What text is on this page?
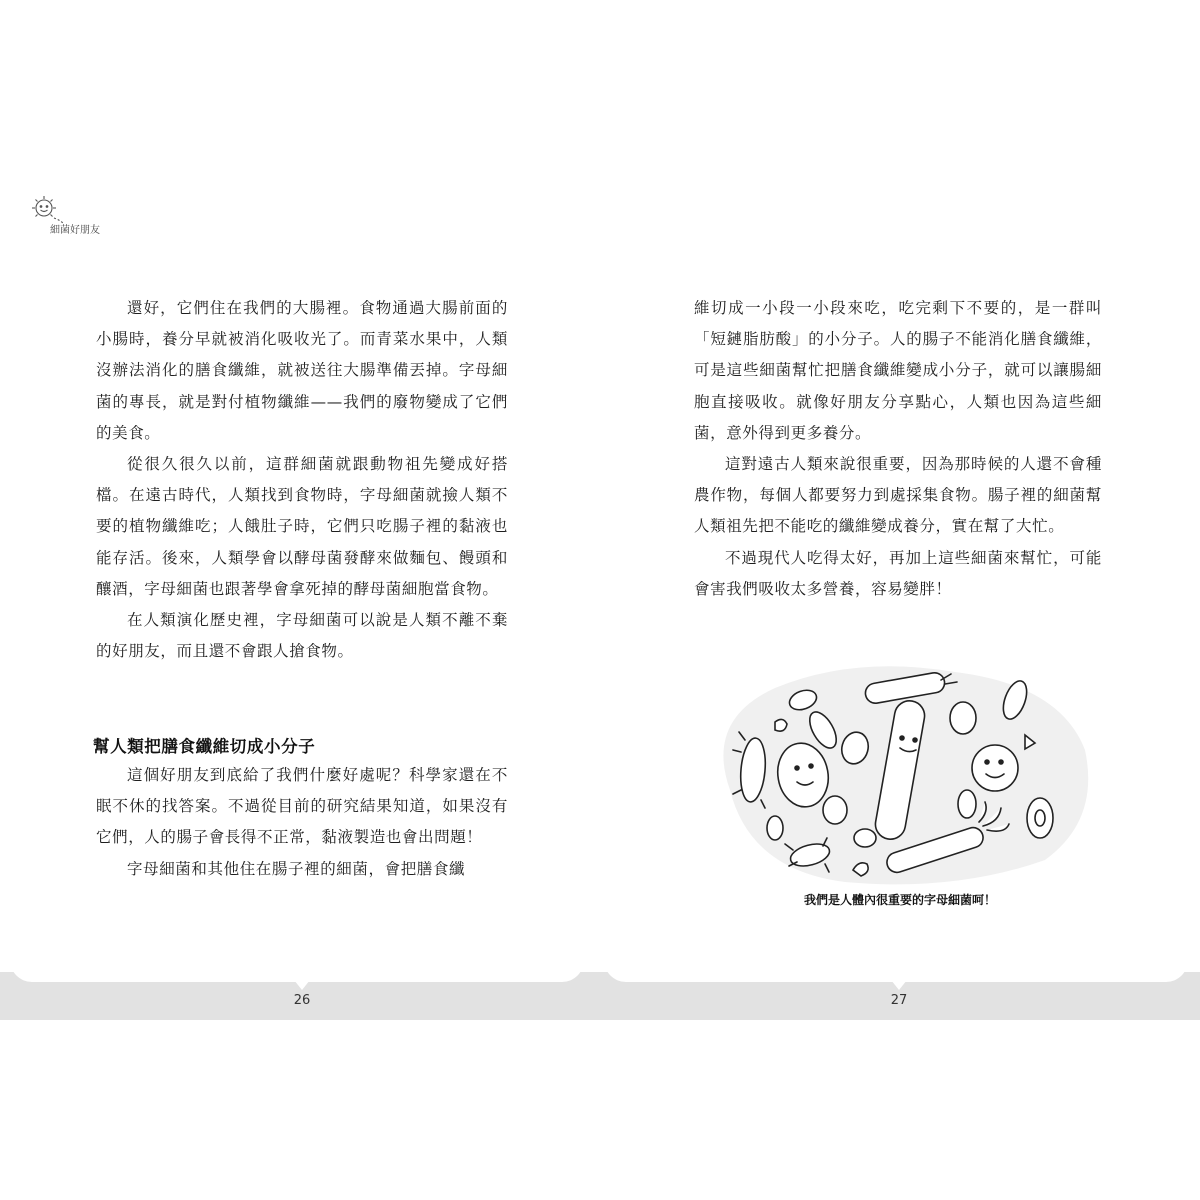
細菌好朋友

還好，它們住在我們的大腸裡。食物通過大腸前面的小腸時，養分早就被消化吸收光了。而青菜水果中，人類沒辦法消化的膳食纖維，就被送往大腸準備丟掉。字母細菌的專長，就是對付植物纖維——我們的廢物變成了它們的美食。

從很久很久以前，這群細菌就跟動物祖先變成好搭檔。在遠古時代，人類找到食物時，字母細菌就撿人類不要的植物纖維吃；人餓肚子時，它們只吃腸子裡的黏液也能存活。後來，人類學會以酵母菌發酵來做麵包、饅頭和釀酒，字母細菌也跟著學會拿死掉的酵母菌細胞當食物。

在人類演化歷史裡，字母細菌可以說是人類不離不棄的好朋友，而且還不會跟人搶食物。

幫人類把膳食纖維切成小分子

這個好朋友到底給了我們什麼好處呢？科學家還在不眠不休的找答案。不過從目前的研究結果知道，如果沒有它們，人的腸子會長得不正常，黏液製造也會出問題！

字母細菌和其他住在腸子裡的細菌，會把膳食纖

維切成一小段一小段來吃，吃完剩下不要的，是一群叫「短鏈脂肪酸」的小分子。人的腸子不能消化膳食纖維，可是這些細菌幫忙把膳食纖維變成小分子，就可以讓腸細胞直接吸收。就像好朋友分享點心，人類也因為這些細菌，意外得到更多養分。

這對遠古人類來說很重要，因為那時候的人還不會種農作物，每個人都要努力到處採集食物。腸子裡的細菌幫人類祖先把不能吃的纖維變成養分，實在幫了大忙。

不過現代人吃得太好，再加上這些細菌來幫忙，可能會害我們吸收太多營養，容易變胖！

我們是人體內很重要的字母細菌呵！
26	27
